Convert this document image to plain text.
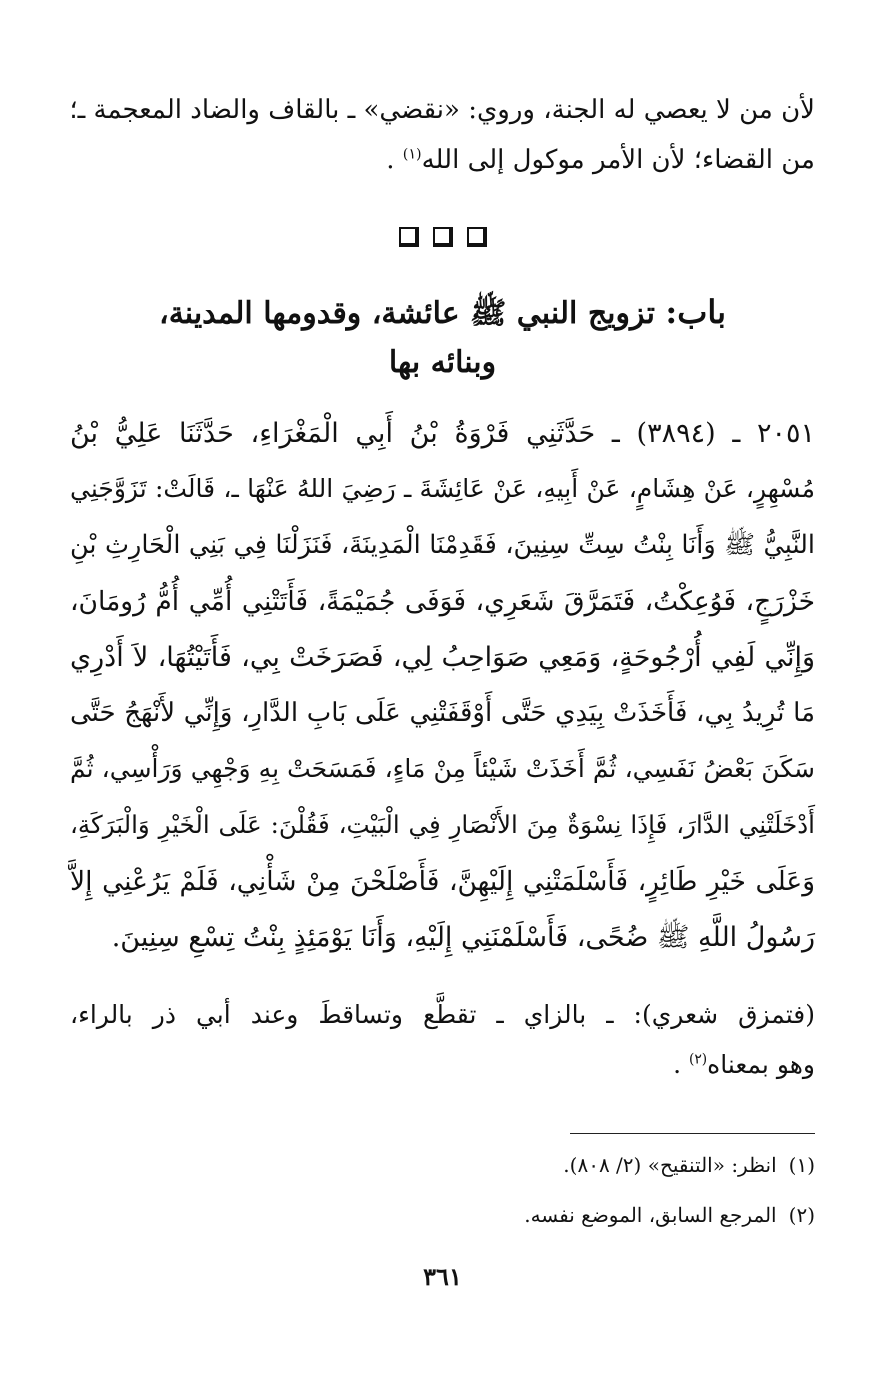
لأن من لا يعصي له الجنة، وروي: «نقضي» ـ بالقاف والضاد المعجمة ـ؛
من القضاء؛ لأن الأمر موكول إلى الله$^{(١)}$ .
باب: تزويج النبي ﷺ عائشة، وقدومها المدينة،
وبنائه بها
٢٠٥١ ـ (٣٨٩٤) ـ حَدَّثَنِي فَرْوَةُ بْنُ أَبِي الْمَغْرَاءِ، حَدَّثَنَا عَلِيُّ بْنُ
مُسْهِرٍ، عَنْ هِشَامٍ، عَنْ أَبِيهِ، عَنْ عَائِشَةَ ـ رَضِيَ اللهُ عَنْهَا ـ، قَالَتْ: تَزَوَّجَنِي
النَّبِيُّ ﷺ وَأَنَا بِنْتُ سِتِّ سِنِينَ، فَقَدِمْنَا الْمَدِينَةَ، فَنَزَلْنَا فِي بَنِي الْحَارِثِ بْنِ
خَزْرَجٍ، فَوُعِكْتُ، فَتَمَرَّقَ شَعَرِي، فَوَفَى جُمَيْمَةً، فَأَتَتْنِي أُمِّي أُمُّ رُومَانَ،
وَإِنِّي لَفِي أُرْجُوحَةٍ، وَمَعِي صَوَاحِبُ لِي، فَصَرَخَتْ بِي، فَأَتَيْتُهَا، لاَ أَدْرِي
مَا تُرِيدُ بِي، فَأَخَذَتْ بِيَدِي حَتَّى أَوْقَفَتْنِي عَلَى بَابِ الدَّارِ، وَإِنِّي لأَنْهَجُ حَتَّى
سَكَنَ بَعْضُ نَفَسِي، ثُمَّ أَخَذَتْ شَيْئاً مِنْ مَاءٍ، فَمَسَحَتْ بِهِ وَجْهِي وَرَأْسِي، ثُمَّ
أَدْخَلَتْنِي الدَّارَ، فَإِذَا نِسْوَةٌ مِنَ الأَنْصَارِ فِي الْبَيْتِ، فَقُلْنَ: عَلَى الْخَيْرِ وَالْبَرَكَةِ،
وَعَلَى خَيْرِ طَائِرٍ، فَأَسْلَمَتْنِي إِلَيْهِنَّ، فَأَصْلَحْنَ مِنْ شَأْنِي، فَلَمْ يَرُعْنِي إِلاَّ
رَسُولُ اللَّهِ ﷺ ضُحًى، فَأَسْلَمْنَنِي إِلَيْهِ، وَأَنَا يَوْمَئِذٍ بِنْتُ تِسْعِ سِنِينَ.
(فتمزق شعري): ـ بالزاي ـ تقطَّع وتساقطَ وعند أبي ذر بالراء،
وهو بمعناه$^{(٢)}$ .
(١)انظر: «التنقيح» (٢/ ٨٠٨).
(٢)المرجع السابق، الموضع نفسه.
٣٦١
